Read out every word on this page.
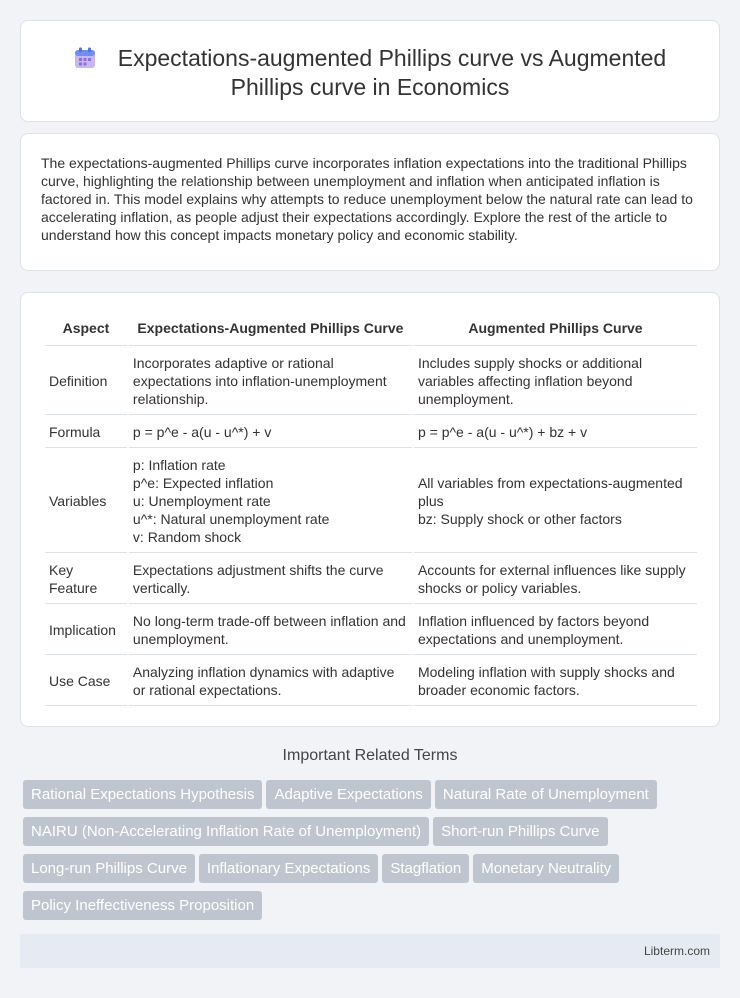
Expectations-augmented Phillips curve vs Augmented
Phillips curve in Economics

The expectations-augmented Phillips curve incorporates inflation expectations into the traditional Phillips curve, highlighting the relationship between unemployment and inflation when anticipated inflation is factored in. This model explains why attempts to reduce unemployment below the natural rate can lead to accelerating inflation, as people adjust their expectations accordingly. Explore the rest of the article to understand how this concept impacts monetary policy and economic stability.

Aspect	Expectations-Augmented Phillips Curve	Augmented Phillips Curve
Definition	Incorporates adaptive or rational expectations into inflation-unemployment relationship.	Includes supply shocks or additional variables affecting inflation beyond unemployment.
Formula	p = p^e - a(u - u^*) + v	p = p^e - a(u - u^*) + bz + v
Variables	p: Inflation rate
p^e: Expected inflation
u: Unemployment rate
u^*: Natural unemployment rate
v: Random shock	All variables from expectations-augmented plus
bz: Supply shock or other factors
Key Feature	Expectations adjustment shifts the curve vertically.	Accounts for external influences like supply shocks or policy variables.
Implication	No long-term trade-off between inflation and unemployment.	Inflation influenced by factors beyond expectations and unemployment.
Use Case	Analyzing inflation dynamics with adaptive or rational expectations.	Modeling inflation with supply shocks and broader economic factors.
Important Related Terms
Rational Expectations Hypothesis Adaptive Expectations Natural Rate of UnemploymentNAIRU (Non-Accelerating Inflation Rate of Unemployment) Short-run Phillips CurveLong-run Phillips Curve Inflationary Expectations Stagflation Monetary NeutralityPolicy Ineffectiveness Proposition
Libterm.com
